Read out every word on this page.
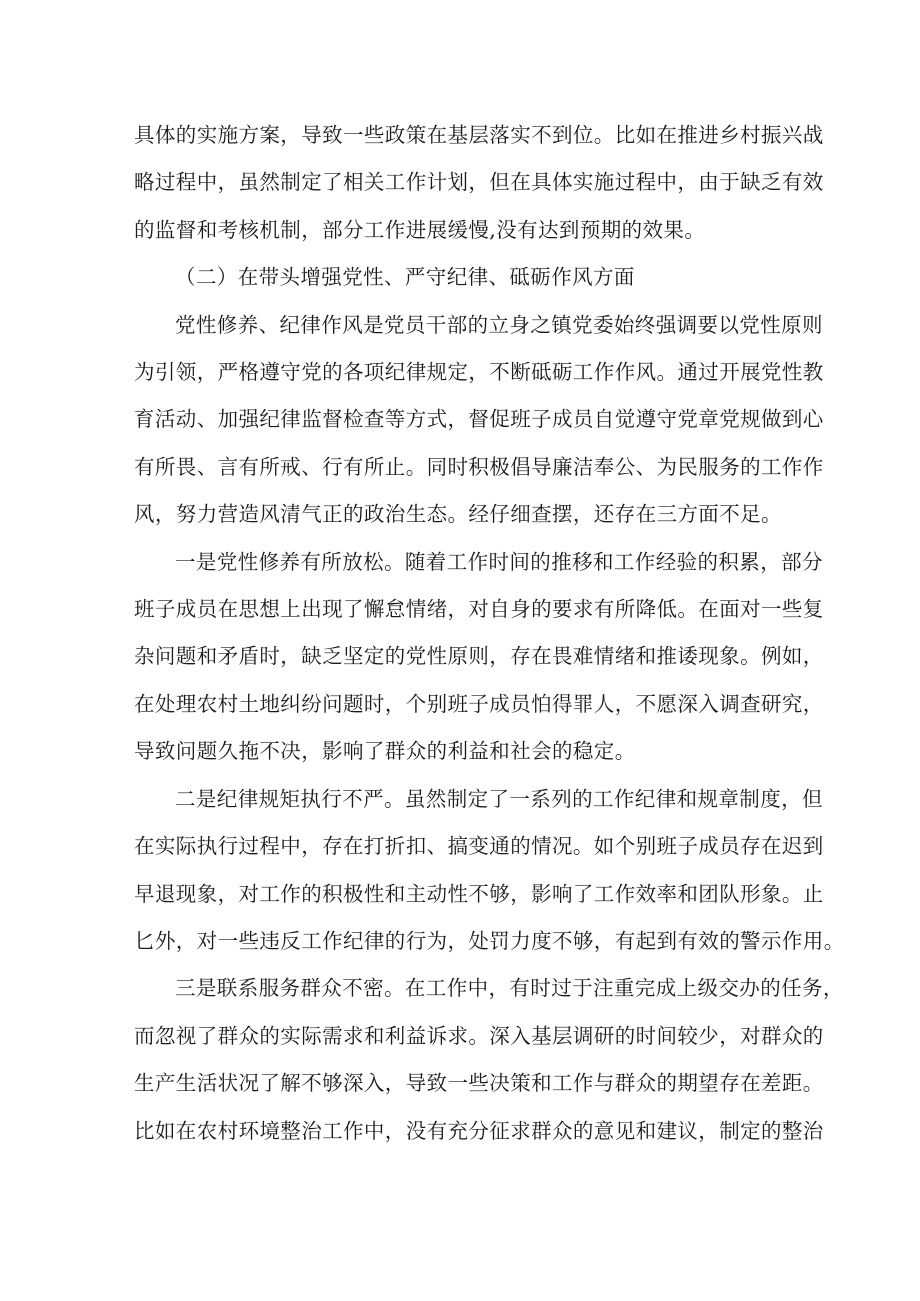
具体的实施方案，导致一些政策在基层落实不到位。比如在推进乡村振兴战
略过程中，虽然制定了相关工作计划，但在具体实施过程中，由于缺乏有效
的监督和考核机制，部分工作进展缓慢,没有达到预期的效果。
（二）在带头增强党性、严守纪律、砥砺作风方面
党性修养、纪律作风是党员干部的立身之镇党委始终强调要以党性原则
为引领，严格遵守党的各项纪律规定，不断砥砺工作作风。通过开展党性教
育活动、加强纪律监督检查等方式，督促班子成员自觉遵守党章党规做到心
有所畏、言有所戒、行有所止。同时积极倡导廉洁奉公、为民服务的工作作
风，努力营造风清气正的政治生态。经仔细查摆，还存在三方面不足。
一是党性修养有所放松。随着工作时间的推移和工作经验的积累，部分
班子成员在思想上出现了懈怠情绪，对自身的要求有所降低。在面对一些复
杂问题和矛盾时，缺乏坚定的党性原则，存在畏难情绪和推诿现象。例如，
在处理农村土地纠纷问题时，个别班子成员怕得罪人，不愿深入调查研究，
导致问题久拖不决，影响了群众的利益和社会的稳定。
二是纪律规矩执行不严。虽然制定了一系列的工作纪律和规章制度，但
在实际执行过程中，存在打折扣、搞变通的情况。如个别班子成员存在迟到
早退现象，对工作的积极性和主动性不够，影响了工作效率和团队形象。止
匕外，对一些违反工作纪律的行为，处罚力度不够，有起到有效的警示作用。
三是联系服务群众不密。在工作中，有时过于注重完成上级交办的任务，
而忽视了群众的实际需求和利益诉求。深入基层调研的时间较少，对群众的
生产生活状况了解不够深入，导致一些决策和工作与群众的期望存在差距。
比如在农村环境整治工作中，没有充分征求群众的意见和建议，制定的整治
